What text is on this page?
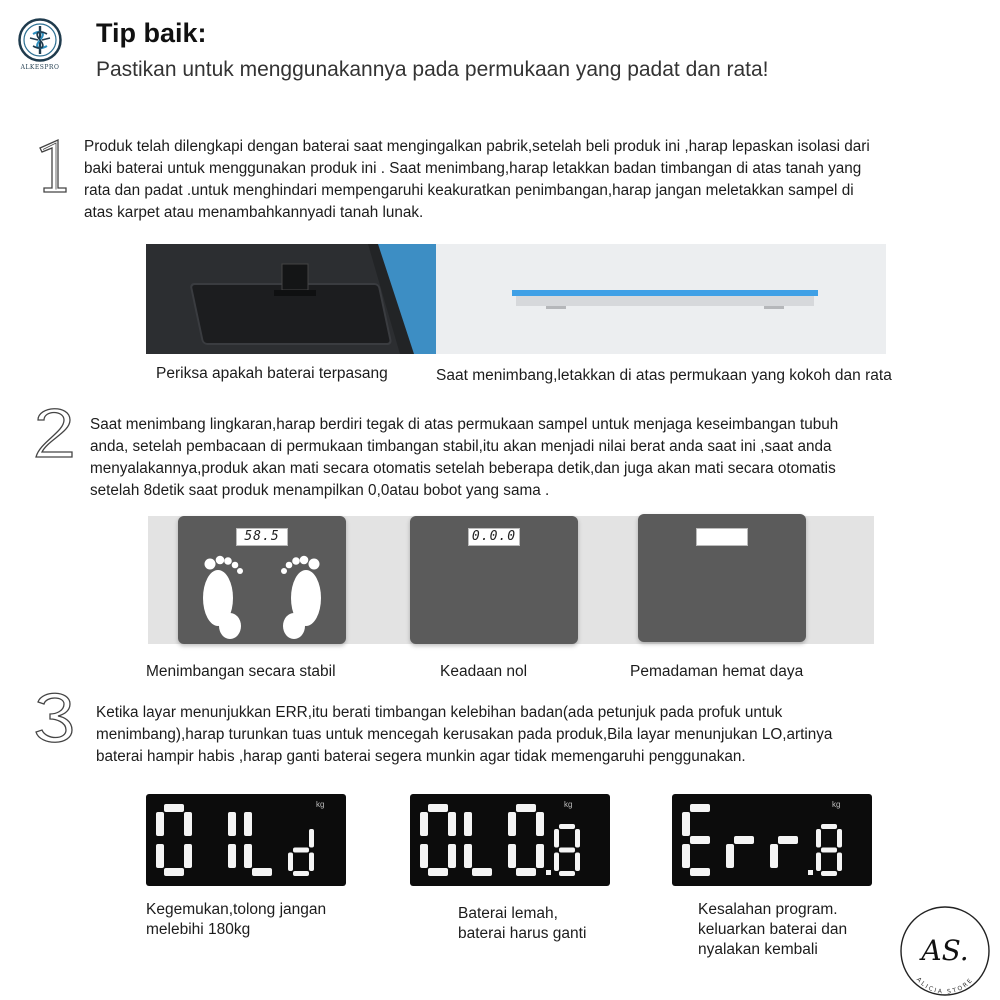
ALKESPRO
Tip baik:
Pastikan untuk menggunakannya pada permukaan yang padat dan rata!
Produk telah dilengkapi dengan baterai saat mengingalkan pabrik,setelah beli produk ini ,harap lepaskan isolasi dari
baki baterai untuk menggunakan produk ini . Saat menimbang,harap letakkan badan timbangan di atas tanah yang
rata dan padat .untuk menghindari mempengaruhi keakuratkan penimbangan,harap jangan meletakkan sampel di
atas karpet atau menambahkannyadi tanah lunak.
Periksa apakah baterai terpasang	Saat menimbang,letakkan di atas permukaan yang kokoh dan rata
Saat menimbang lingkaran,harap berdiri tegak di atas permukaan sampel untuk menjaga keseimbangan tubuh
anda, setelah pembacaan di permukaan timbangan stabil,itu akan menjadi nilai berat anda saat ini ,saat anda
menyalakannya,produk akan mati secara otomatis setelah beberapa detik,dan juga akan mati secara otomatis
setelah 8detik saat produk menampilkan 0,0atau bobot yang sama .
58.5	0.0.0
Menimbangan secara stabil	Keadaan nol	Pemadaman hemat daya
Ketika layar menunjukkan ERR,itu berati timbangan kelebihan badan(ada petunjuk pada profuk untuk
menimbang),harap turunkan tuas untuk mencegah kerusakan pada produk,Bila layar menunjukan LO,artinya
baterai hampir habis ,harap ganti baterai segera munkin agar tidak memengaruhi penggunakan.
kg	kg	kg
Kegemukan,tolong jangan
melebihi 180kg
Baterai lemah,
baterai harus ganti
Kesalahan program.
keluarkan baterai dan
nyalakan kembali	AS.
ALICIA STORE
